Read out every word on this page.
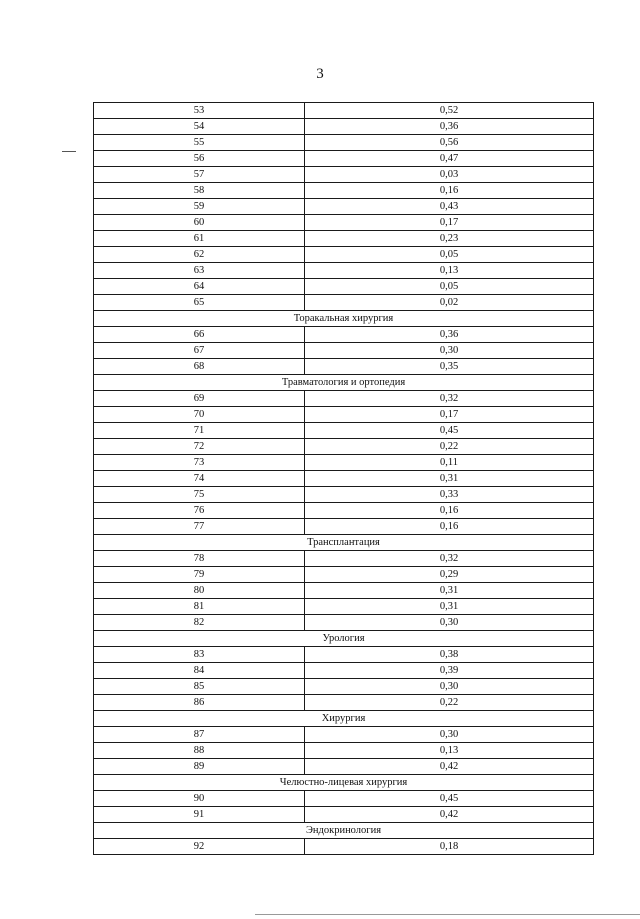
3
53	0,52
54	0,36
55	0,56
56	0,47
57	0,03
58	0,16
59	0,43
60	0,17
61	0,23
62	0,05
63	0,13
64	0,05
65	0,02
Торакальная хирургия	
66	0,36
67	0,30
68	0,35
Травматология и ортопедия	
69	0,32
70	0,17
71	0,45
72	0,22
73	0,11
74	0,31
75	0,33
76	0,16
77	0,16
Трансплантация	
78	0,32
79	0,29
80	0,31
81	0,31
82	0,30
Урология	
83	0,38
84	0,39
85	0,30
86	0,22
Хирургия	
87	0,30
88	0,13
89	0,42
Челюстно-лицевая хирургия	
90	0,45
91	0,42
Эндокринология	
92	0,18
